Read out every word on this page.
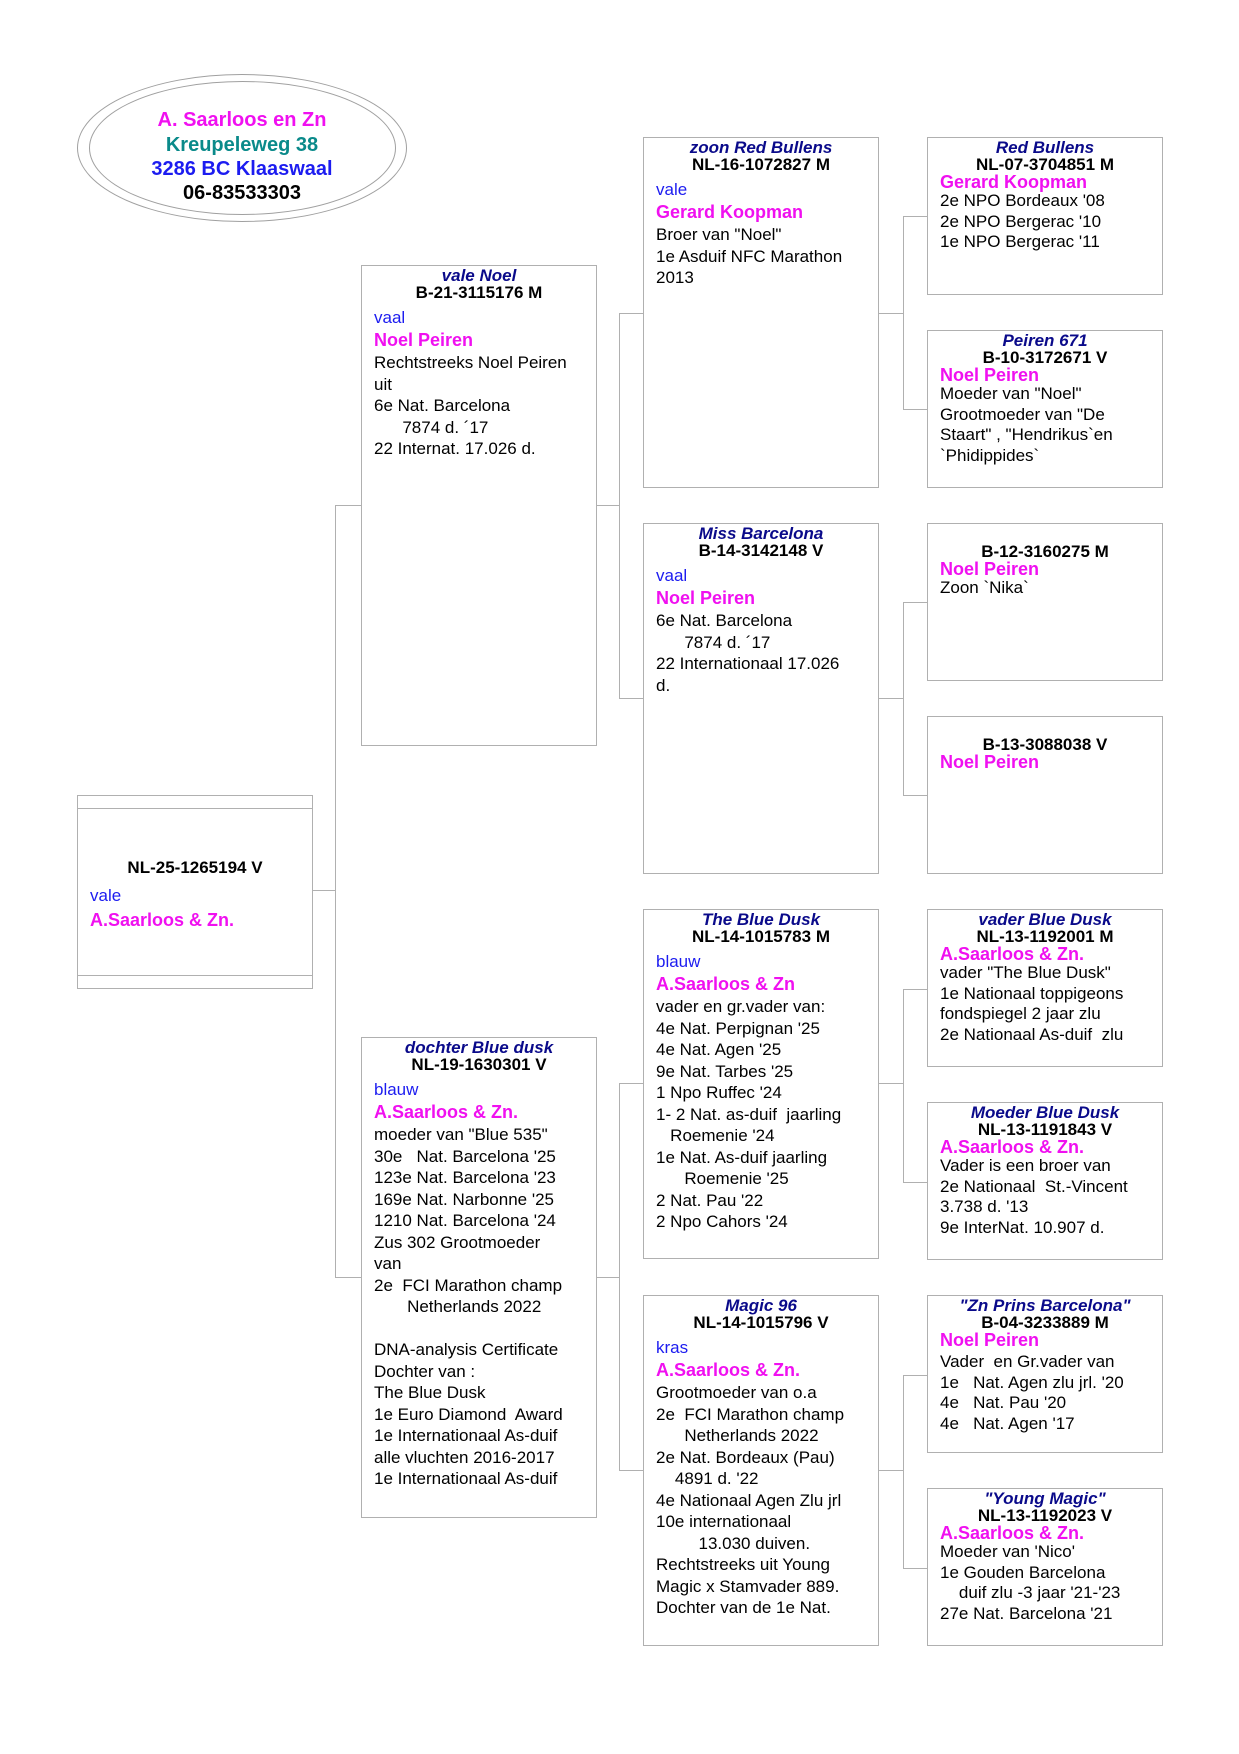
A. Saarloos en Zn
Kreupeleweg 38
3286 BC Klaaswaal
06-83533303
NL-25-1265194 V
vale
A.Saarloos & Zn.
vale Noel
B-21-3115176 M
vaal
Noel Peiren
Rechtstreeks Noel Peiren
uit
6e Nat. Barcelona
7874 d. ´17
22 Internat. 17.026 d.
dochter Blue dusk
NL-19-1630301 V
blauw
A.Saarloos & Zn.
moeder van "Blue 535"
30e   Nat. Barcelona '25
123e Nat. Barcelona '23
169e Nat. Narbonne '25
1210 Nat. Barcelona '24
Zus 302 Grootmoeder
van
2e  FCI Marathon champ
Netherlands 2022

DNA-analysis Certificate
Dochter van :
The Blue Dusk
1e Euro Diamond  Award
1e Internationaal As-duif
alle vluchten 2016-2017
1e Internationaal As-duif
zoon Red Bullens
NL-16-1072827 M
vale
Gerard Koopman
Broer van "Noel"
1e Asduif NFC Marathon
2013
Miss Barcelona
B-14-3142148 V
vaal
Noel Peiren
6e Nat. Barcelona
7874 d. ´17
22 Internationaal 17.026
d.
The Blue Dusk
NL-14-1015783 M
blauw
A.Saarloos & Zn
vader en gr.vader van:
4e Nat. Perpignan '25
4e Nat. Agen '25
9e Nat. Tarbes '25
1 Npo Ruffec '24
1- 2 Nat. as-duif  jaarling
Roemenie '24
1e Nat. As-duif jaarling
Roemenie '25
2 Nat. Pau '22
2 Npo Cahors '24
Magic 96
NL-14-1015796 V
kras
A.Saarloos & Zn.
Grootmoeder van o.a
2e  FCI Marathon champ
Netherlands 2022
2e Nat. Bordeaux (Pau)
4891 d. '22
4e Nationaal Agen Zlu jrl
10e internationaal
13.030 duiven.
Rechtstreeks uit Young
Magic x Stamvader 889.
Dochter van de 1e Nat.
Red Bullens
NL-07-3704851 M
Gerard Koopman
2e NPO Bordeaux '08
2e NPO Bergerac '10
1e NPO Bergerac '11
Peiren 671
B-10-3172671 V
Noel Peiren
Moeder van "Noel"
Grootmoeder van "De
Staart" , "Hendrikus`en
`Phidippides`
B-12-3160275 M
Noel Peiren
Zoon `Nika`
B-13-3088038 V
Noel Peiren
vader Blue Dusk
NL-13-1192001 M
A.Saarloos & Zn.
vader "The Blue Dusk"
1e Nationaal toppigeons
fondspiegel 2 jaar zlu
2e Nationaal As-duif  zlu
Moeder Blue Dusk
NL-13-1191843 V
A.Saarloos & Zn.
Vader is een broer van
2e Nationaal  St.-Vincent
3.738 d. '13
9e InterNat. 10.907 d.
"Zn Prins Barcelona"
B-04-3233889 M
Noel Peiren
Vader  en Gr.vader van
1e   Nat. Agen zlu jrl. '20
4e   Nat. Pau '20
4e   Nat. Agen '17
"Young Magic"
NL-13-1192023 V
A.Saarloos & Zn.
Moeder van 'Nico'
1e Gouden Barcelona
duif zlu -3 jaar '21-'23
27e Nat. Barcelona '21
